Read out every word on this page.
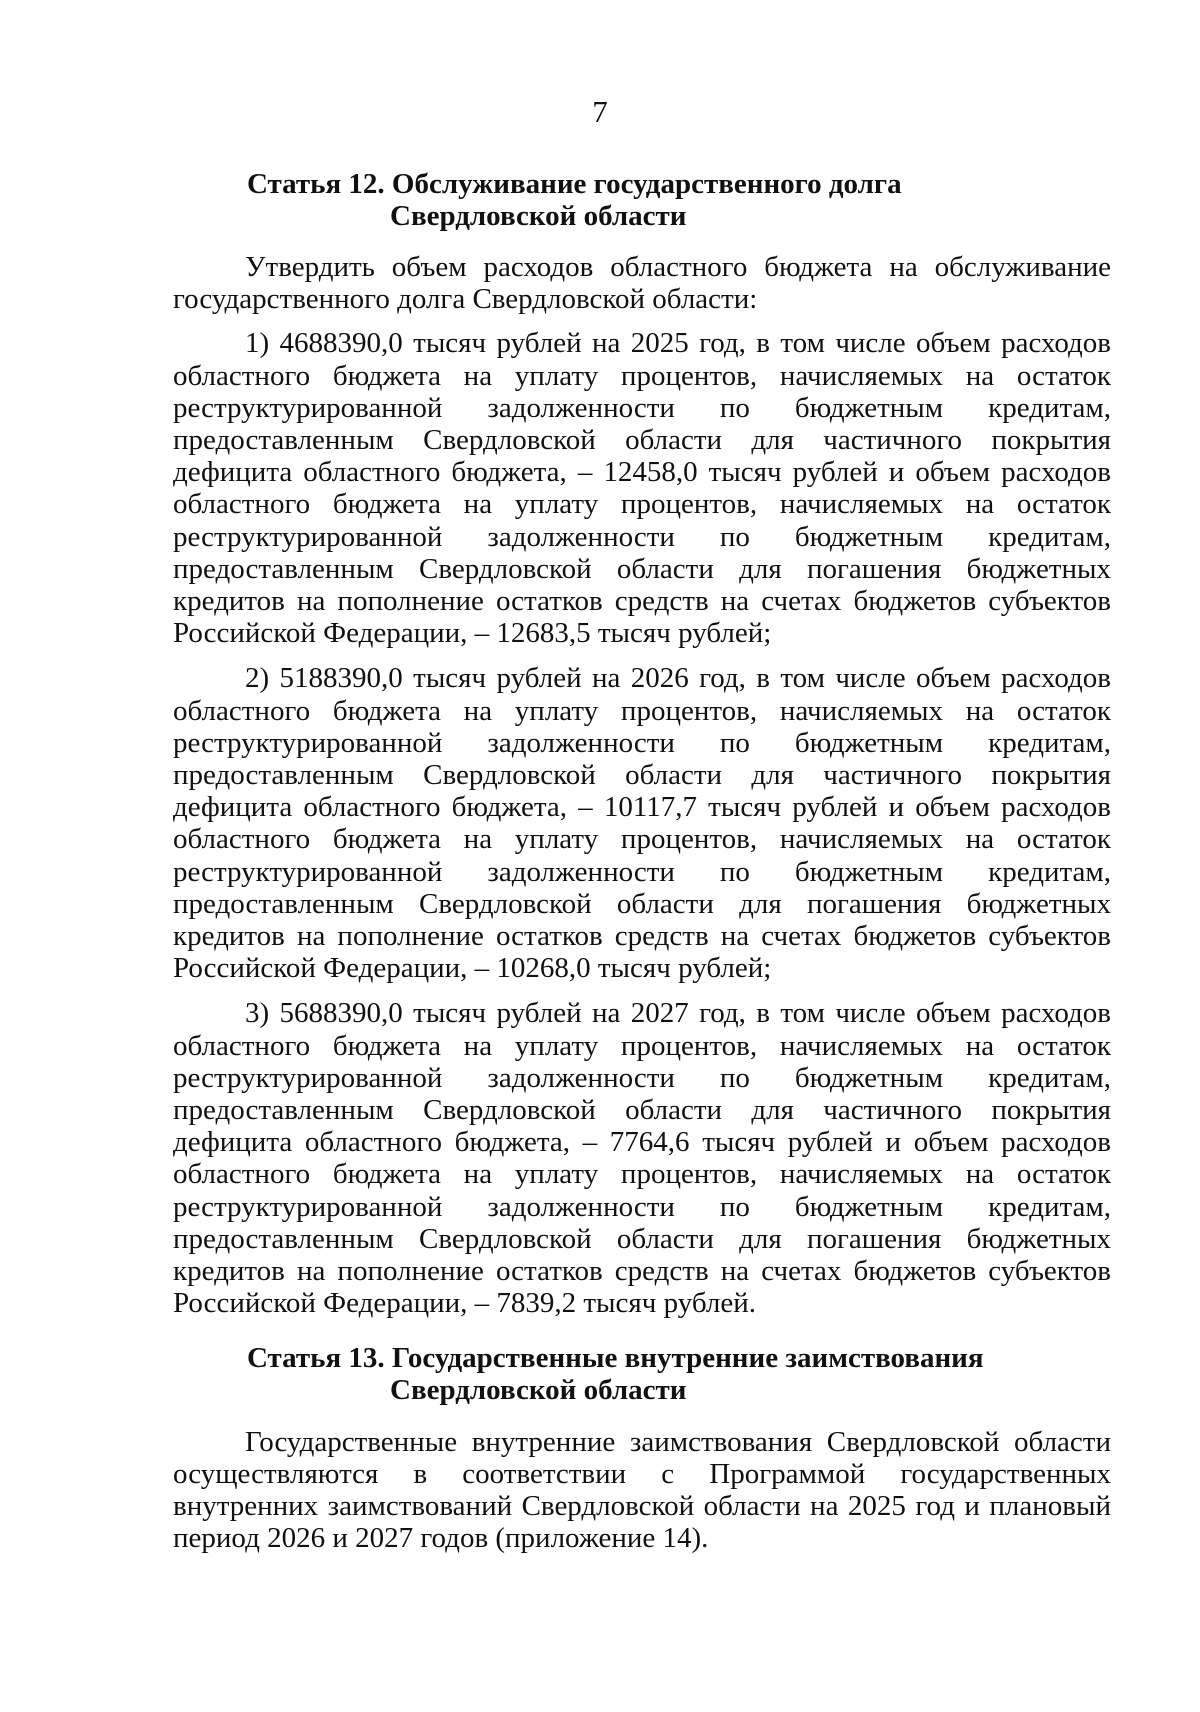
7
Статья 12. Обслуживание государственного долга
Свердловской области

Утвердить объем расходов областного бюджета на обслуживание государственного долга Свердловской области:

1) 4688390,0 тысяч рублей на 2025 год, в том числе объем расходов областного бюджета на уплату процентов, начисляемых на остаток реструктурированной задолженности по бюджетным кредитам, предоставленным Свердловской области для частичного покрытия дефицита областного бюджета, – 12458,0 тысяч рублей и объем расходов областного бюджета на уплату процентов, начисляемых на остаток реструктурированной задолженности по бюджетным кредитам, предоставленным Свердловской области для погашения бюджетных кредитов на пополнение остатков средств на счетах бюджетов субъектов Российской Федерации, – 12683,5 тысяч рублей;

2) 5188390,0 тысяч рублей на 2026 год, в том числе объем расходов областного бюджета на уплату процентов, начисляемых на остаток реструктурированной задолженности по бюджетным кредитам, предоставленным Свердловской области для частичного покрытия дефицита областного бюджета, – 10117,7 тысяч рублей и объем расходов областного бюджета на уплату процентов, начисляемых на остаток реструктурированной задолженности по бюджетным кредитам, предоставленным Свердловской области для погашения бюджетных кредитов на пополнение остатков средств на счетах бюджетов субъектов Российской Федерации, – 10268,0 тысяч рублей;

3) 5688390,0 тысяч рублей на 2027 год, в том числе объем расходов областного бюджета на уплату процентов, начисляемых на остаток реструктурированной задолженности по бюджетным кредитам, предоставленным Свердловской области для частичного покрытия дефицита областного бюджета, – 7764,6 тысяч рублей и объем расходов областного бюджета на уплату процентов, начисляемых на остаток реструктурированной задолженности по бюджетным кредитам, предоставленным Свердловской области для погашения бюджетных кредитов на пополнение остатков средств на счетах бюджетов субъектов Российской Федерации, – 7839,2 тысяч рублей.

Статья 13. Государственные внутренние заимствования
Свердловской области

Государственные внутренние заимствования Свердловской области осуществляются в соответствии с Программой государственных внутренних заимствований Свердловской области на 2025 год и плановый период 2026 и 2027 годов (приложение 14).
